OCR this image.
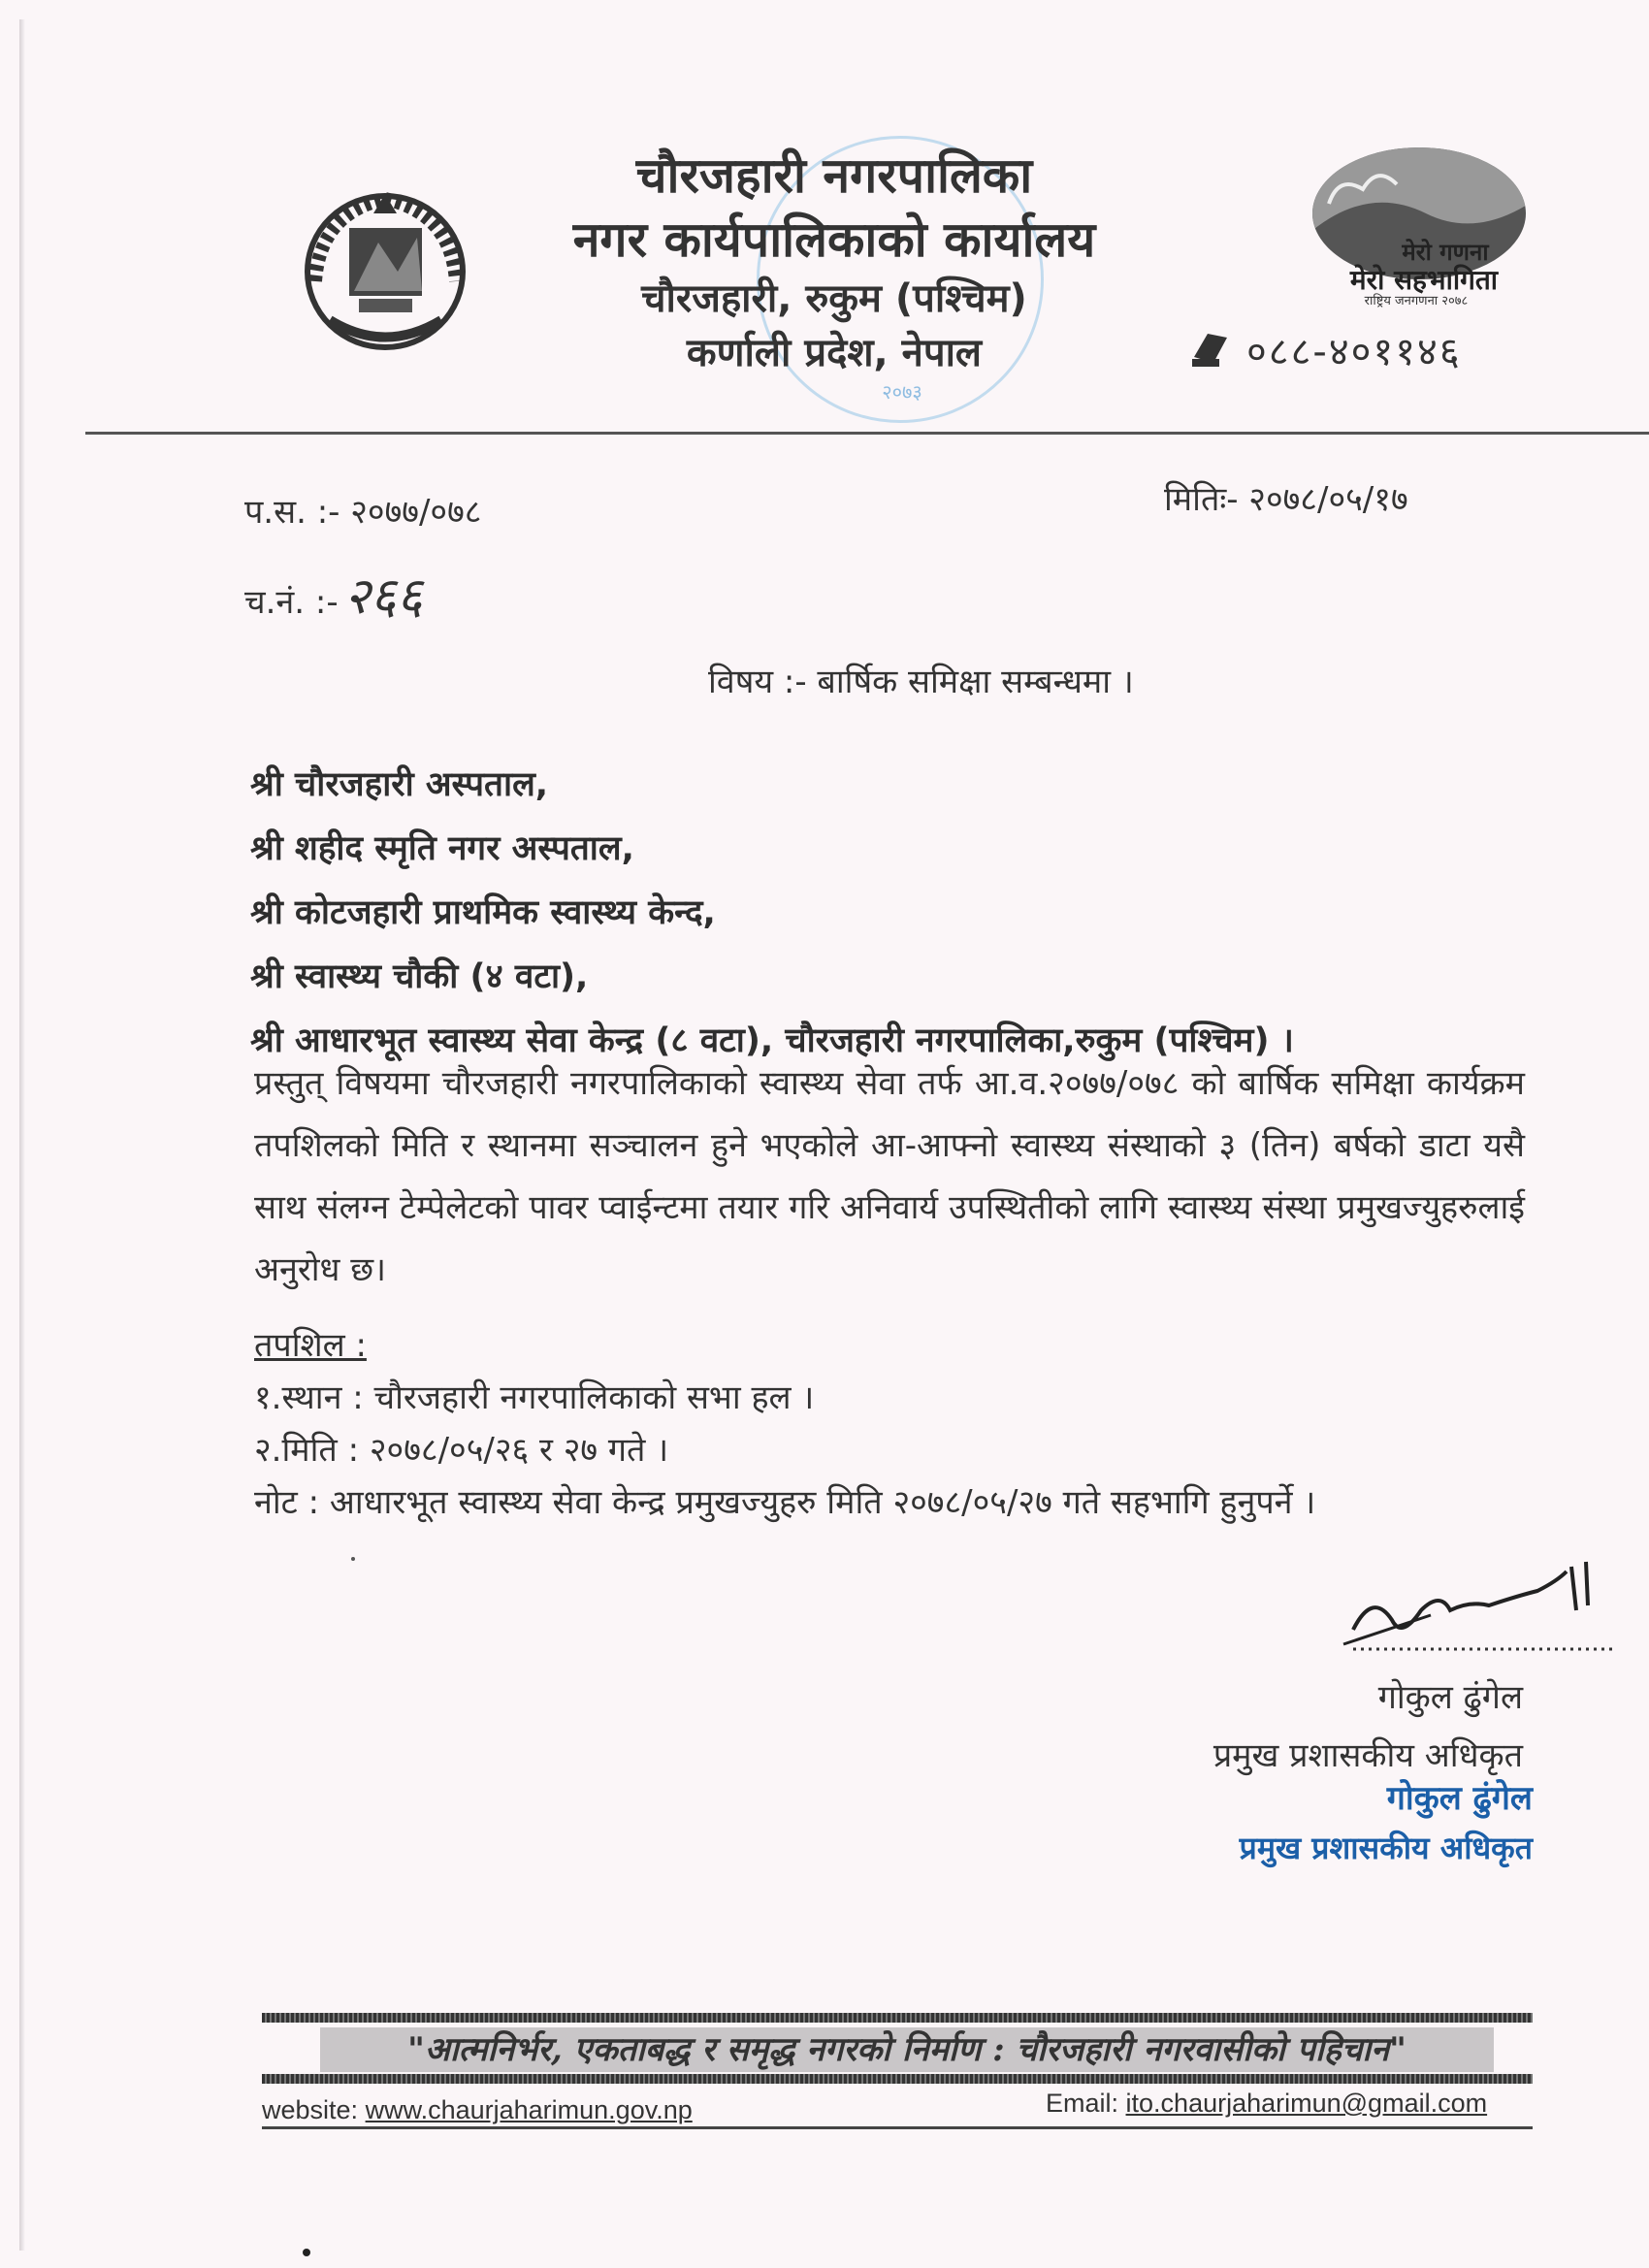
२०७३
चौरजहारी नगरपालिका
नगर कार्यपालिकाको कार्यालय
चौरजहारी, रुकुम (पश्चिम)
कर्णाली प्रदेश, नेपाल
मेरो गणना
मेरो सहभागिता
राष्ट्रिय जनगणना २०७८
०८८-४०११४६
प.स. :- २०७७/०७८
च.नं. :- २६६
मितिः- २०७८/०५/१७
विषय :- बार्षिक समिक्षा सम्बन्धमा ।
श्री चौरजहारी अस्पताल,
श्री शहीद स्मृति नगर अस्पताल,
श्री कोटजहारी प्राथमिक स्वास्थ्य केन्द,
श्री स्वास्थ्य चौकी (४ वटा),
श्री आधारभूत स्वास्थ्य सेवा केन्द्र (८ वटा), चौरजहारी नगरपालिका,रुकुम (पश्चिम) ।
प्रस्तुत् विषयमा चौरजहारी नगरपालिकाको स्वास्थ्य सेवा तर्फ आ.व.२०७७/०७८ को बार्षिक समिक्षा कार्यक्रम तपशिलको मिति र स्थानमा सञ्चालन हुने भएकोले आ-आफ्नो स्वास्थ्य संस्थाको ३ (तिन) बर्षको डाटा यसै साथ संलग्न टेम्पेलेटको पावर प्वाईन्टमा तयार गरि अनिवार्य उपस्थितीको लागि स्वास्थ्य संस्था प्रमुखज्युहरुलाई अनुरोध छ।
तपशिल :
१.स्थान : चौरजहारी नगरपालिकाको सभा हल ।
२.मिति : २०७८/०५/२६ र २७ गते ।
नोट : आधारभूत स्वास्थ्य सेवा केन्द्र प्रमुखज्युहरु मिति २०७८/०५/२७ गते सहभागि हुनुपर्ने ।
गोकुल ढुंगेल
प्रमुख प्रशासकीय अधिकृत
गोकुल ढुंगेल
प्रमुख प्रशासकीय अधिकृत
"आत्मनिर्भर, एकताबद्ध र समृद्ध नगरको निर्माण : चौरजहारी नगरवासीको पहिचान"
website: www.chaurjaharimun.gov.np	Email: ito.chaurjaharimun@gmail.com
